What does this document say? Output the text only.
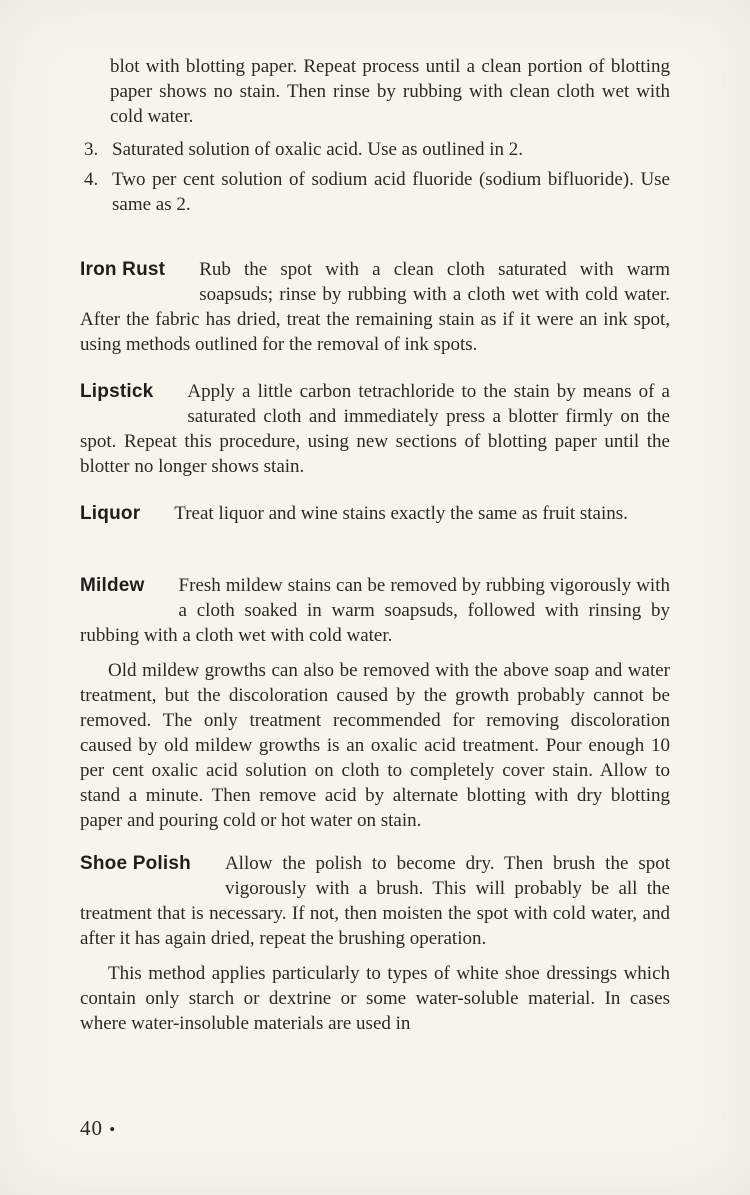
blot with blotting paper. Repeat process until a clean portion of blotting paper shows no stain. Then rinse by rubbing with clean cloth wet with cold water.

3. Saturated solution of oxalic acid. Use as outlined in 2.
4. Two per cent solution of sodium acid fluoride (sodium bifluoride). Use same as 2.
Iron Rust	Rub the spot with a clean cloth saturated with warm soapsuds; rinse by rubbing with a cloth wet with cold water. After the fabric has dried, treat the remaining stain as if it were an ink spot, using methods outlined for the removal of ink spots.
Lipstick	Apply a little carbon tetrachloride to the stain by means of a saturated cloth and immediately press a blotter firmly on the spot. Repeat this procedure, using new sections of blotting paper until the blotter no longer shows stain.
Liquor	Treat liquor and wine stains exactly the same as fruit stains.
Mildew	Fresh mildew stains can be removed by rubbing vigorously with a cloth soaked in warm soapsuds, followed with rinsing by rubbing with a cloth wet with cold water.

Old mildew growths can also be removed with the above soap and water treatment, but the discoloration caused by the growth probably cannot be removed. The only treatment recommended for removing discoloration caused by old mildew growths is an oxalic acid treatment. Pour enough 10 per cent oxalic acid solution on cloth to completely cover stain. Allow to stand a minute. Then remove acid by alternate blotting with dry blotting paper and pouring cold or hot water on stain.

Shoe Polish	Allow the polish to become dry. Then brush the spot vigorously with a brush. This will probably be all the treatment that is necessary. If not, then moisten the spot with cold water, and after it has again dried, repeat the brushing operation.

This method applies particularly to types of white shoe dressings which contain only starch or dextrine or some water-soluble material. In cases where water-insoluble materials are used in

40 •
